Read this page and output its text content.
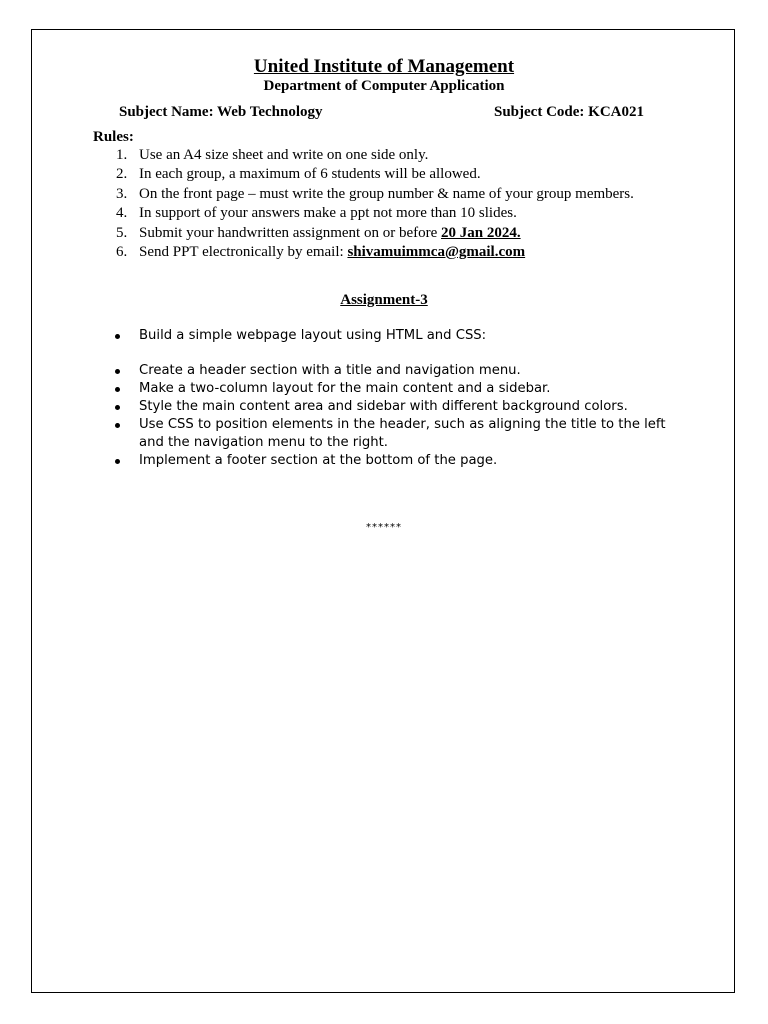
United Institute of Management
Department of Computer Application
Subject Name: Web Technology	Subject Code: KCA021
Rules:
1. Use an A4 size sheet and write on one side only.
2. In each group, a maximum of 6 students will be allowed.
3. On the front page – must write the group number & name of your group members.
4. In support of your answers make a ppt not more than 10 slides.
5. Submit your handwritten assignment on or before 20 Jan 2024.
6. Send PPT electronically by email: shivamuimmca@gmail.com
Assignment-3
Build a simple webpage layout using HTML and CSS:
Create a header section with a title and navigation menu.
Make a two-column layout for the main content and a sidebar.
Style the main content area and sidebar with different background colors.
Use CSS to position elements in the header, such as aligning the title to the left and the navigation menu to the right.
Implement a footer section at the bottom of the page.
******
